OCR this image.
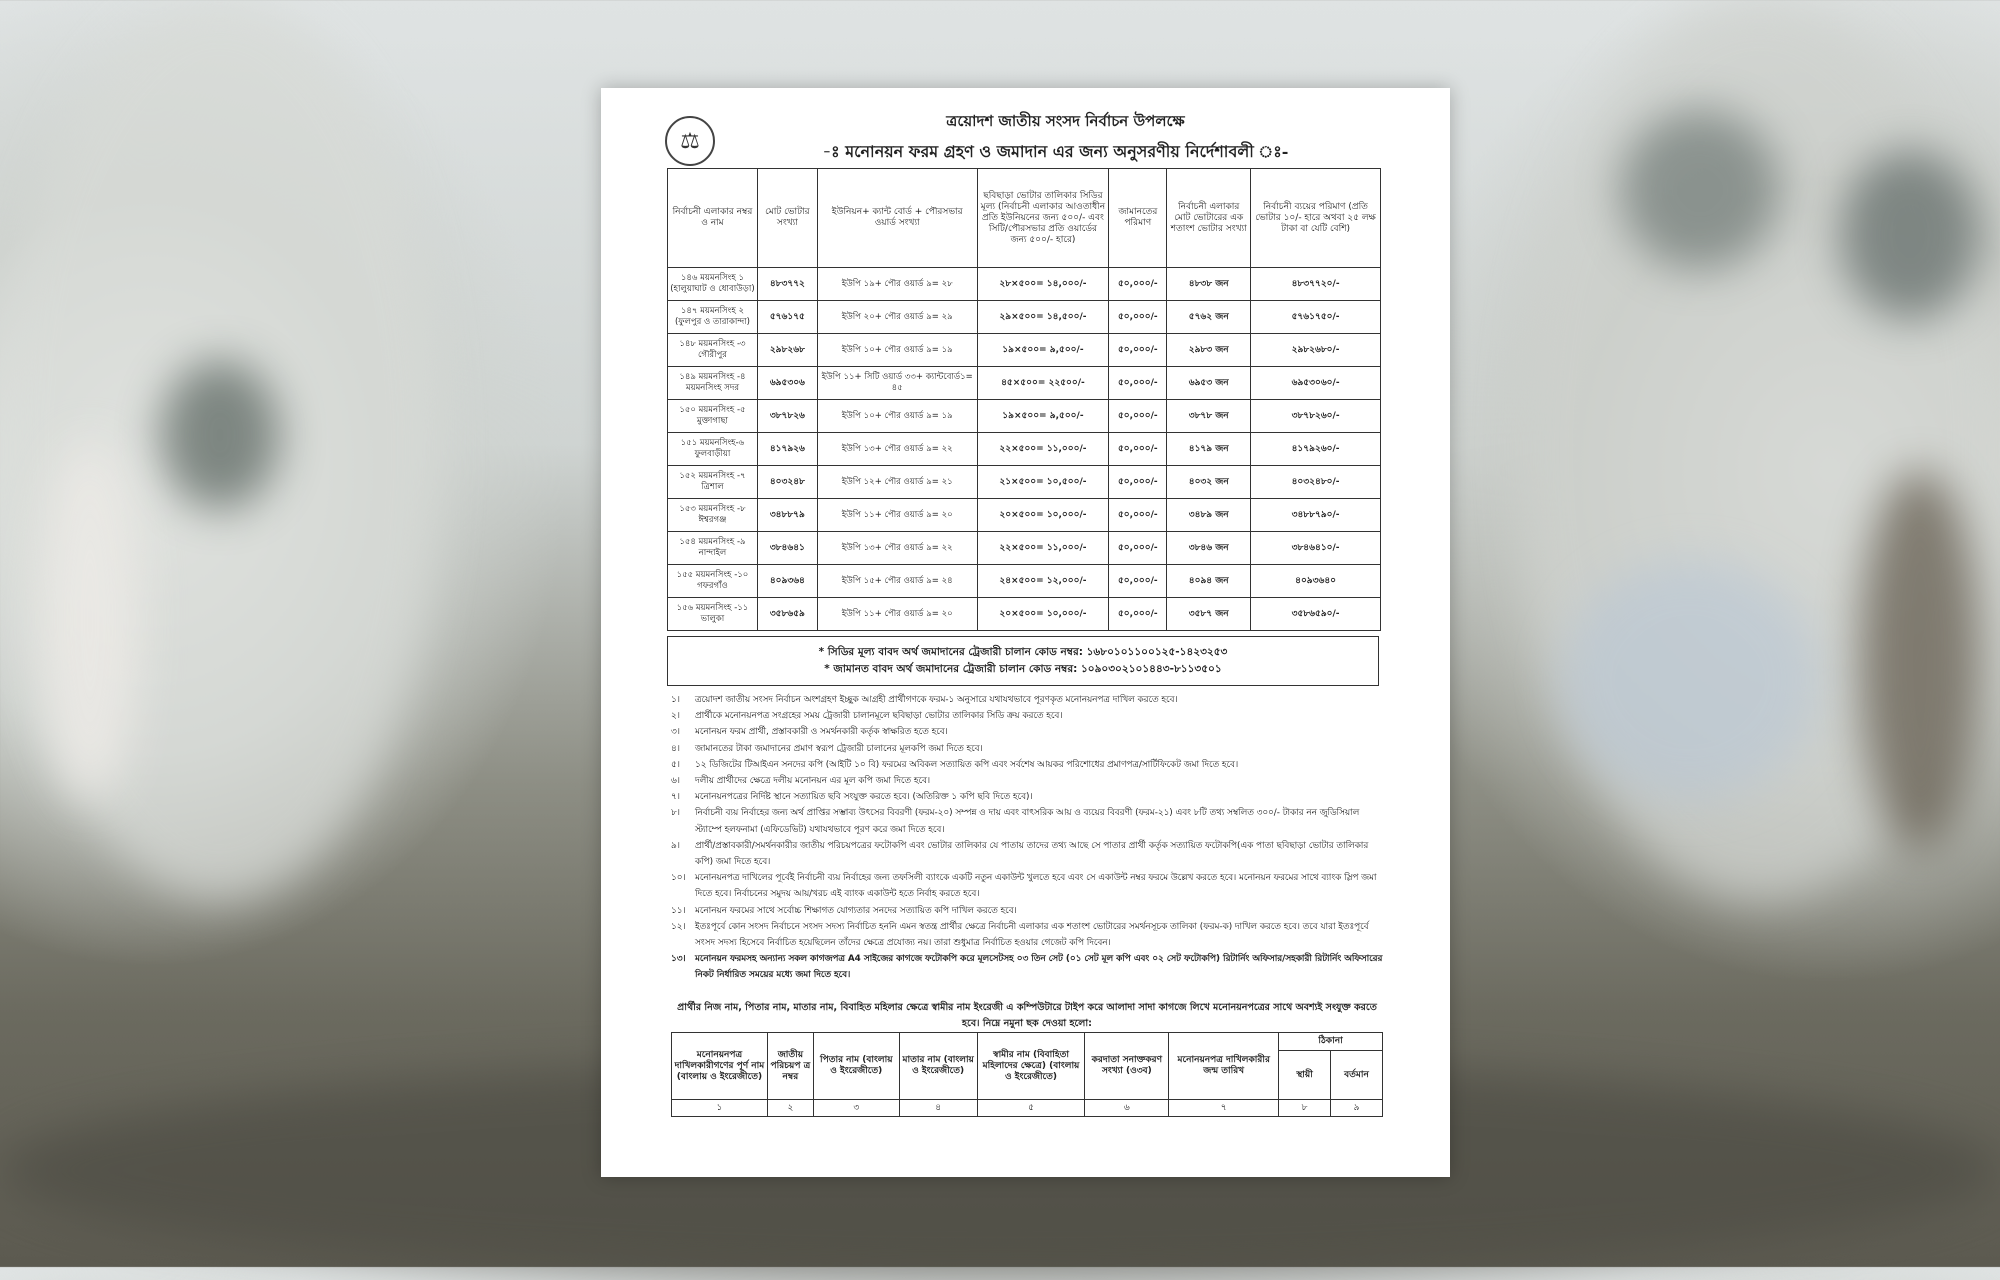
⚖
ত্রয়োদশ জাতীয় সংসদ নির্বাচন উপলক্ষে
-ঃ মনোনয়ন ফরম গ্রহণ ও জমাদান এর জন্য অনুসরণীয় নির্দেশাবলী ঃ-
নির্বাচনী এলাকার নম্বর ও নাম	মোট ভোটার সংখ্যা	ইউনিয়ন+ ক্যান্ট বোর্ড + পৌরসভার ওয়ার্ড সংখ্যা	ছবিছাড়া ভোটার তালিকার সিডির মূল্য (নির্বাচনী এলাকার আওতাধীন প্রতি ইউনিয়নের জন্য ৫০০/- এবং সিটি/পৌরসভার প্রতি ওয়ার্ডের জন্য ৫০০/- হারে)	জামানতের পরিমাণ	নির্বাচনী এলাকার মোট ভোটারের এক শতাংশ ভোটার সংখ্যা	নির্বাচনী ব্যয়ের পরিমাণ (প্রতি ভোটার ১০/- হারে অথবা ২৫ লক্ষ টাকা বা যেটি বেশি)
১৪৬ ময়মনসিংহ ১ (হালুয়াঘাট ও ধোবাউড়া)	৪৮৩৭৭২	ইউপি ১৯+ পৌর ওয়ার্ড ৯= ২৮	২৮×৫০০= ১৪,০০০/-	৫০,০০০/-	৪৮৩৮ জন	৪৮৩৭৭২০/-
১৪৭ ময়মনসিংহ ২ (ফুলপুর ও তারাকান্দা)	৫৭৬১৭৫	ইউপি ২০+ পৌর ওয়ার্ড ৯= ২৯	২৯×৫০০= ১৪,৫০০/-	৫০,০০০/-	৫৭৬২ জন	৫৭৬১৭৫০/-
১৪৮ ময়মনসিংহ -৩ গৌরীপুর	২৯৮২৬৮	ইউপি ১০+ পৌর ওয়ার্ড ৯= ১৯	১৯×৫০০= ৯,৫০০/-	৫০,০০০/-	২৯৮৩ জন	২৯৮২৬৮০/-
১৪৯ ময়মনসিংহ -৪ ময়মনসিংহ সদর	৬৯৫৩০৬	ইউপি ১১+ সিটি ওয়ার্ড ৩৩+ ক্যান্টবোর্ড১= ৪৫	৪৫×৫০০= ২২৫০০/-	৫০,০০০/-	৬৯৫৩ জন	৬৯৫৩০৬০/-
১৫০ ময়মনসিংহ -৫ মুক্তাগাছা	৩৮৭৮২৬	ইউপি ১০+ পৌর ওয়ার্ড ৯= ১৯	১৯×৫০০= ৯,৫০০/-	৫০,০০০/-	৩৮৭৮ জন	৩৮৭৮২৬০/-
১৫১ ময়মনসিংহ-৬ ফুলবাড়ীয়া	৪১৭৯২৬	ইউপি ১৩+ পৌর ওয়ার্ড ৯= ২২	২২×৫০০= ১১,০০০/-	৫০,০০০/-	৪১৭৯ জন	৪১৭৯২৬০/-
১৫২ ময়মনসিংহ -৭ ত্রিশাল	৪০৩২৪৮	ইউপি ১২+ পৌর ওয়ার্ড ৯= ২১	২১×৫০০= ১০,৫০০/-	৫০,০০০/-	৪০৩২ জন	৪০৩২৪৮০/-
১৫৩ ময়মনসিংহ -৮ ঈশ্বরগঞ্জ	৩৪৮৮৭৯	ইউপি ১১+ পৌর ওয়ার্ড ৯= ২০	২০×৫০০= ১০,০০০/-	৫০,০০০/-	৩৪৮৯ জন	৩৪৮৮৭৯০/-
১৫৪ ময়মনসিংহ -৯ নান্দাইল	৩৮৪৬৪১	ইউপি ১৩+ পৌর ওয়ার্ড ৯= ২২	২২×৫০০= ১১,০০০/-	৫০,০০০/-	৩৮৪৬ জন	৩৮৪৬৪১০/-
১৫৫ ময়মনসিংহ -১০ গফরগাঁও	৪০৯৩৬৪	ইউপি ১৫+ পৌর ওয়ার্ড ৯= ২৪	২৪×৫০০= ১২,০০০/-	৫০,০০০/-	৪০৯৪ জন	৪০৯৩৬৪০
১৫৬ ময়মনসিংহ -১১ ভালুকা	৩৫৮৬৫৯	ইউপি ১১+ পৌর ওয়ার্ড ৯= ২০	২০×৫০০= ১০,০০০/-	৫০,০০০/-	৩৫৮৭ জন	৩৫৮৬৫৯০/-
* সিডির মূল্য বাবদ অর্থ জমাদানের ট্রেজারী চালান কোড নম্বর: ১৬৮০১০১১০০১২৫-১৪২৩২৫৩
* জামানত বাবদ অর্থ জমাদানের ট্রেজারী চালান কোড নম্বর: ১০৯০৩০২১০১৪৪৩-৮১১৩৫০১
১।	ত্রয়োদশ জাতীয় সংসদ নির্বাচন অংশগ্রহণ ইচ্ছুক আগ্রহী প্রার্থীগণকে ফরম-১ অনুসারে যথাযথভাবে পূরণকৃত মনোনয়নপত্র দাখিল করতে হবে।
২।	প্রার্থীকে মনোনয়নপত্র সংগ্রহের সময় ট্রেজারী চালানমূলে ছবিছাড়া ভোটার তালিকার সিডি ক্রয় করতে হবে।
৩।	মনোনয়ন ফরম প্রার্থী, প্রস্তাবকারী ও সমর্থনকারী কর্তৃক স্বাক্ষরিত হতে হবে।
৪।	জামানতের টাকা জমাদানের প্রমাণ স্বরূপ ট্রেজারী চালানের মূলকপি জমা দিতে হবে।
৫।	১২ ডিজিটের টিআইএন সনদের কপি (আইটি ১০ বি) ফরমের অবিকল সত্যায়িত কপি এবং সর্বশেষ আয়কর পরিশোধের প্রমাণপত্র/সার্টিফিকেট জমা দিতে হবে।
৬।	দলীয় প্রার্থীদের ক্ষেত্রে দলীয় মনোনয়ন এর মূল কপি জমা দিতে হবে।
৭।	মনোনয়নপত্রের নির্দিষ্ট স্থানে সত্যায়িত ছবি সংযুক্ত করতে হবে। (অতিরিক্ত ১ কপি ছবি দিতে হবে)।
৮।	নির্বাচনী ব্যয় নির্বাহের জন্য অর্থ প্রাপ্তির সম্ভাব্য উৎসের বিবরণী (ফরম-২০) সম্পন্ন ও দায় এবং বাৎসরিক আয় ও ব্যয়ের বিবরণী (ফরম-২১) এবং ৮টি তথ্য সম্বলিত ৩০০/- টাকার নন জুডিসিয়াল স্ট্যাম্পে হলফনামা (এফিডেভিট) যথাযথভাবে পূরণ করে জমা দিতে হবে।
৯।	প্রার্থী/প্রস্তাবকারী/সমর্থনকারীর জাতীয় পরিচয়পত্রের ফটোকপি এবং ভোটার তালিকার যে পাতায় তাদের তথ্য আছে সে পাতার প্রার্থী কর্তৃক সত্যায়িত ফটোকপি(এক পাতা ছবিছাড়া ভোটার তালিকার কপি) জমা দিতে হবে।
১০।	মনোনয়নপত্র দাখিলের পূর্বেই নির্বাচনী ব্যয় নির্বাহের জন্য তফসিলী ব্যাংকে একটি নতুন একাউন্ট খুলতে হবে এবং সে একাউন্ট নম্বর ফরমে উল্লেখ করতে হবে। মনোনয়ন ফরমের সাথে ব্যাংক স্লিপ জমা দিতে হবে। নির্বাচনের সমুদয় আয়/খরচ এই ব্যাংক একাউন্ট হতে নির্বাহ করতে হবে।
১১।	মনোনয়ন ফরমের সাথে সর্বোচ্চ শিক্ষাগত যোগ্যতার সনদের সত্যায়িত কপি দাখিল করতে হবে।
১২।	ইতঃপূর্বে কোন সংসদ নির্বাচনে সংসদ সদস্য নির্বাচিত হননি এমন স্বতন্ত্র প্রার্থীর ক্ষেত্রে নির্বাচনী এলাকার এক শতাংশ ভোটারের সমর্থনসূচক তালিকা (ফরম-ক) দাখিল করতে হবে। তবে যারা ইতঃপূর্বে সংসদ সদস্য হিসেবে নির্বাচিত হয়েছিলেন তাঁদের ক্ষেত্রে প্রযোজ্য নয়। তারা শুধুমাত্র নির্বাচিত হওয়ার গেজেট কপি দিবেন।
১৩।	মনোনয়ন ফরমসহ অন্যান্য সকল কাগজপত্র A4 সাইজের কাগজে ফটোকপি করে মূলসেটসহ ০৩ তিন সেট (০১ সেট মূল কপি এবং ০২ সেট ফটোকপি) রিটার্নিং অফিসার/সহকারী রিটার্নিং অফিসারের নিকট নির্ধারিত সময়ের মধ্যে জমা দিতে হবে।
প্রার্থীর নিজ নাম, পিতার নাম, মাতার নাম, বিবাহিত মহিলার ক্ষেত্রে স্বামীর নাম ইংরেজী এ কম্পিউটারে টাইপ করে আলাদা সাদা কাগজে লিখে মনোনয়নপত্রের সাথে অবশ্যই সংযুক্ত করতে হবে। নিম্নে নমুনা ছক দেওয়া হলো:
মনোনয়নপত্র দাখিলকারীগণের পূর্ণ নাম (বাংলায় ও ইংরেজীতে)	জাতীয় পরিচয়প ত্র নম্বর	পিতার নাম (বাংলায় ও ইংরেজীতে)	মাতার নাম (বাংলায় ও ইংরেজীতে)	স্বামীর নাম (বিবাহিতা মহিলাদের ক্ষেত্রে) (বাংলায় ও ইংরেজীতে)	করদাতা সনাক্তকরণ সংখ্যা (ও৩ব)	মনোনয়নপত্র দাখিলকারীর জন্ম তারিখ	ঠিকানা	
							স্থায়ী	বর্তমান
১	২	৩	৪	৫	৬	৭	৮	৯
